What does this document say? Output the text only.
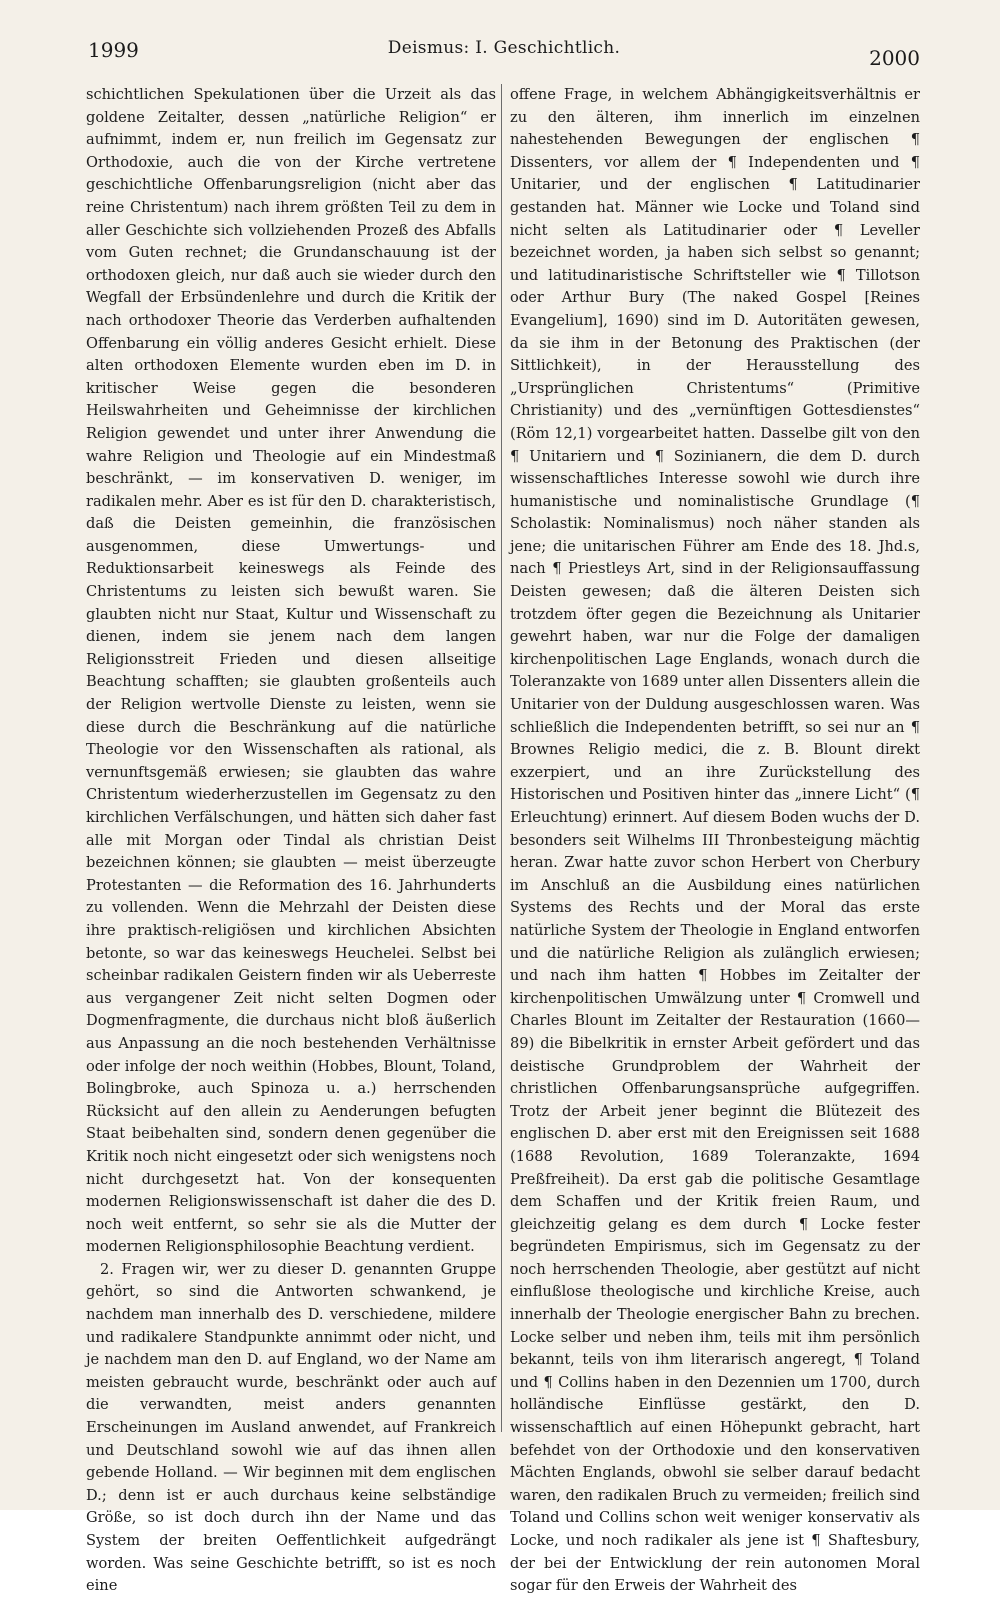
1999	Deismus: I. Geschichtlich.	2000

schichtlichen Spekulationen über die Urzeit als das goldene Zeitalter, dessen „natürliche Religion“ er aufnimmt, indem er, nun freilich im Gegensatz zur Orthodoxie, auch die von der Kirche vertretene geschichtliche Offenbarungsreligion (nicht aber das reine Christentum) nach ihrem größten Teil zu dem in aller Geschichte sich vollziehenden Prozeß des Abfalls vom Guten rechnet; die Grundanschauung ist der orthodoxen gleich, nur daß auch sie wieder durch den Wegfall der Erbsündenlehre und durch die Kritik der nach orthodoxer Theorie das Verderben aufhaltenden Offenbarung ein völlig anderes Gesicht erhielt. Diese alten orthodoxen Elemente wurden eben im D. in kritischer Weise gegen die besonderen Heilswahrheiten und Geheimnisse der kirchlichen Religion gewendet und unter ihrer Anwendung die wahre Religion und Theologie auf ein Mindestmaß beschränkt, — im konservativen D. weniger, im radikalen mehr. Aber es ist für den D. charakteristisch, daß die Deisten gemeinhin, die französischen ausgenommen, diese Umwertungs- und Reduktionsarbeit keineswegs als Feinde des Christentums zu leisten sich bewußt waren. Sie glaubten nicht nur Staat, Kultur und Wissenschaft zu dienen, indem sie jenem nach dem langen Religionsstreit Frieden und diesen allseitige Beachtung schafften; sie glaubten großenteils auch der Religion wertvolle Dienste zu leisten, wenn sie diese durch die Beschränkung auf die natürliche Theologie vor den Wissenschaften als rational, als vernunftsgemäß erwiesen; sie glaubten das wahre Christentum wiederherzustellen im Gegensatz zu den kirchlichen Verfälschungen, und hätten sich daher fast alle mit Morgan oder Tindal als christian Deist bezeichnen können; sie glaubten — meist überzeugte Protestanten — die Reformation des 16. Jahrhunderts zu vollenden. Wenn die Mehrzahl der Deisten diese ihre praktisch-religiösen und kirchlichen Absichten betonte, so war das keineswegs Heuchelei. Selbst bei scheinbar radikalen Geistern finden wir als Ueberreste aus vergangener Zeit nicht selten Dogmen oder Dogmenfragmente, die durchaus nicht bloß äußerlich aus Anpassung an die noch bestehenden Verhältnisse oder infolge der noch weithin (Hobbes, Blount, Toland, Bolingbroke, auch Spinoza u. a.) herrschenden Rücksicht auf den allein zu Aenderungen befugten Staat beibehalten sind, sondern denen gegenüber die Kritik noch nicht eingesetzt oder sich wenigstens noch nicht durchgesetzt hat. Von der konsequenten modernen Religionswissenschaft ist daher die des D. noch weit entfernt, so sehr sie als die Mutter der modernen Religionsphilosophie Beachtung verdient.

2. Fragen wir, wer zu dieser D. genannten Gruppe gehört, so sind die Antworten schwankend, je nachdem man innerhalb des D. verschiedene, mildere und radikalere Standpunkte annimmt oder nicht, und je nachdem man den D. auf England, wo der Name am meisten gebraucht wurde, beschränkt oder auch auf die verwandten, meist anders genannten Erscheinungen im Ausland anwendet, auf Frankreich und Deutschland sowohl wie auf das ihnen allen gebende Holland. — Wir beginnen mit dem englischen D.; denn ist er auch durchaus keine selbständige Größe, so ist doch durch ihn der Name und das System der breiten Oeffentlichkeit aufgedrängt worden. Was seine Geschichte betrifft, so ist es noch eine

offene Frage, in welchem Abhängigkeitsverhältnis er zu den älteren, ihm innerlich im einzelnen nahestehenden Bewegungen der englischen ¶ Dissenters, vor allem der ¶ Independenten und ¶ Unitarier, und der englischen ¶ Latitudinarier gestanden hat. Männer wie Locke und Toland sind nicht selten als Latitudinarier oder ¶ Leveller bezeichnet worden, ja haben sich selbst so genannt; und latitudinaristische Schriftsteller wie ¶ Tillotson oder Arthur Bury (The naked Gospel [Reines Evangelium], 1690) sind im D. Autoritäten gewesen, da sie ihm in der Betonung des Praktischen (der Sittlichkeit), in der Herausstellung des „Ursprünglichen Christentums“ (Primitive Christianity) und des „vernünftigen Gottesdienstes“ (Röm 12,1) vorgearbeitet hatten. Dasselbe gilt von den ¶ Unitariern und ¶ Sozinianern, die dem D. durch wissenschaftliches Interesse sowohl wie durch ihre humanistische und nominalistische Grundlage (¶ Scholastik: Nominalismus) noch näher standen als jene; die unitarischen Führer am Ende des 18. Jhd.s, nach ¶ Priestleys Art, sind in der Religionsauffassung Deisten gewesen; daß die älteren Deisten sich trotzdem öfter gegen die Bezeichnung als Unitarier gewehrt haben, war nur die Folge der damaligen kirchenpolitischen Lage Englands, wonach durch die Toleranzakte von 1689 unter allen Dissenters allein die Unitarier von der Duldung ausgeschlossen waren. Was schließlich die Independenten betrifft, so sei nur an ¶ Brownes Religio medici, die z. B. Blount direkt exzerpiert, und an ihre Zurückstellung des Historischen und Positiven hinter das „innere Licht“ (¶ Erleuchtung) erinnert. Auf diesem Boden wuchs der D. besonders seit Wilhelms III Thronbesteigung mächtig heran. Zwar hatte zuvor schon Herbert von Cherbury im Anschluß an die Ausbildung eines natürlichen Systems des Rechts und der Moral das erste natürliche System der Theologie in England entworfen und die natürliche Religion als zulänglich erwiesen; und nach ihm hatten ¶ Hobbes im Zeitalter der kirchenpolitischen Umwälzung unter ¶ Cromwell und Charles Blount im Zeitalter der Restauration (1660—89) die Bibelkritik in ernster Arbeit gefördert und das deistische Grundproblem der Wahrheit der christlichen Offenbarungsansprüche aufgegriffen. Trotz der Arbeit jener beginnt die Blütezeit des englischen D. aber erst mit den Ereignissen seit 1688 (1688 Revolution, 1689 Toleranzakte, 1694 Preßfreiheit). Da erst gab die politische Gesamtlage dem Schaffen und der Kritik freien Raum, und gleichzeitig gelang es dem durch ¶ Locke fester begründeten Empirismus, sich im Gegensatz zu der noch herrschenden Theologie, aber gestützt auf nicht einflußlose theologische und kirchliche Kreise, auch innerhalb der Theologie energischer Bahn zu brechen. Locke selber und neben ihm, teils mit ihm persönlich bekannt, teils von ihm literarisch angeregt, ¶ Toland und ¶ Collins haben in den Dezennien um 1700, durch holländische Einflüsse gestärkt, den D. wissenschaftlich auf einen Höhepunkt gebracht, hart befehdet von der Orthodoxie und den konservativen Mächten Englands, obwohl sie selber darauf bedacht waren, den radikalen Bruch zu vermeiden; freilich sind Toland und Collins schon weit weniger konservativ als Locke, und noch radikaler als jene ist ¶ Shaftesbury, der bei der Entwicklung der rein autonomen Moral sogar für den Erweis der Wahrheit des
